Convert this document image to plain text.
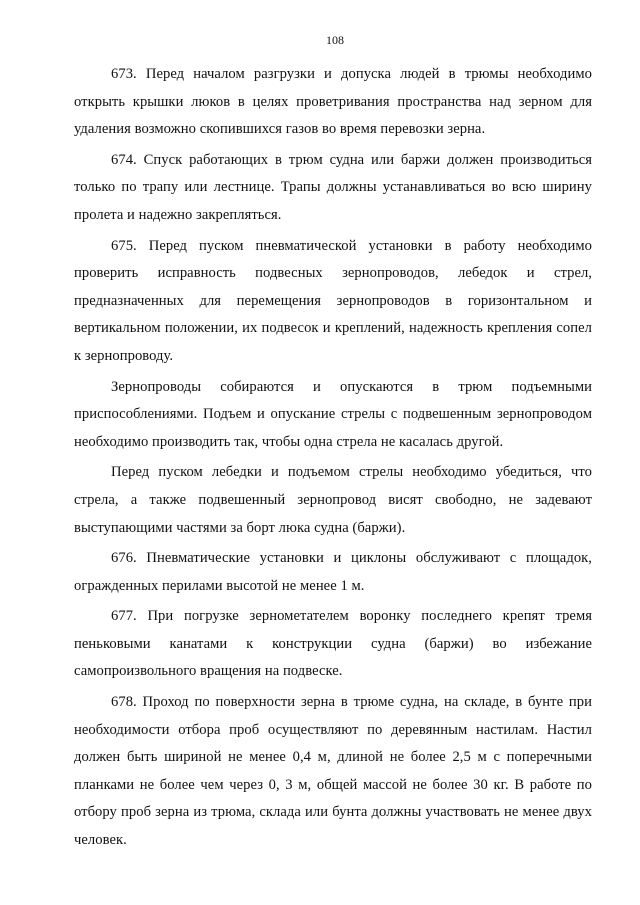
108

673. Перед началом разгрузки и допуска людей в трюмы необходимо открыть крышки люков в целях проветривания пространства над зерном для удаления возможно скопившихся газов во время перевозки зерна.

674. Спуск работающих в трюм судна или баржи должен производиться только по трапу или лестнице. Трапы должны устанавливаться во всю ширину пролета и надежно закрепляться.

675. Перед пуском пневматической установки в работу необходимо проверить исправность подвесных зернопроводов, лебедок и стрел, предназначенных для перемещения зернопроводов в горизонтальном и вертикальном положении, их подвесок и креплений, надежность крепления сопел к зернопроводу.

Зернопроводы собираются и опускаются в трюм подъемными приспособлениями. Подъем и опускание стрелы с подвешенным зернопроводом необходимо производить так, чтобы одна стрела не касалась другой.

Перед пуском лебедки и подъемом стрелы необходимо убедиться, что стрела, а также подвешенный зернопровод висят свободно, не задевают выступающими частями за борт люка судна (баржи).

676. Пневматические установки и циклоны обслуживают с площадок, огражденных перилами высотой не менее 1 м.

677. При погрузке зернометателем воронку последнего крепят тремя пеньковыми канатами к конструкции судна (баржи) во избежание самопроизвольного вращения на подвеске.

678. Проход по поверхности зерна в трюме судна, на складе, в бунте при необходимости отбора проб осуществляют по деревянным настилам. Настил должен быть шириной не менее 0,4 м, длиной не более 2,5 м с поперечными планками не более чем через 0, 3 м, общей массой не более 30 кг. В работе по отбору проб зерна из трюма, склада или бунта должны участвовать не менее двух человек.
